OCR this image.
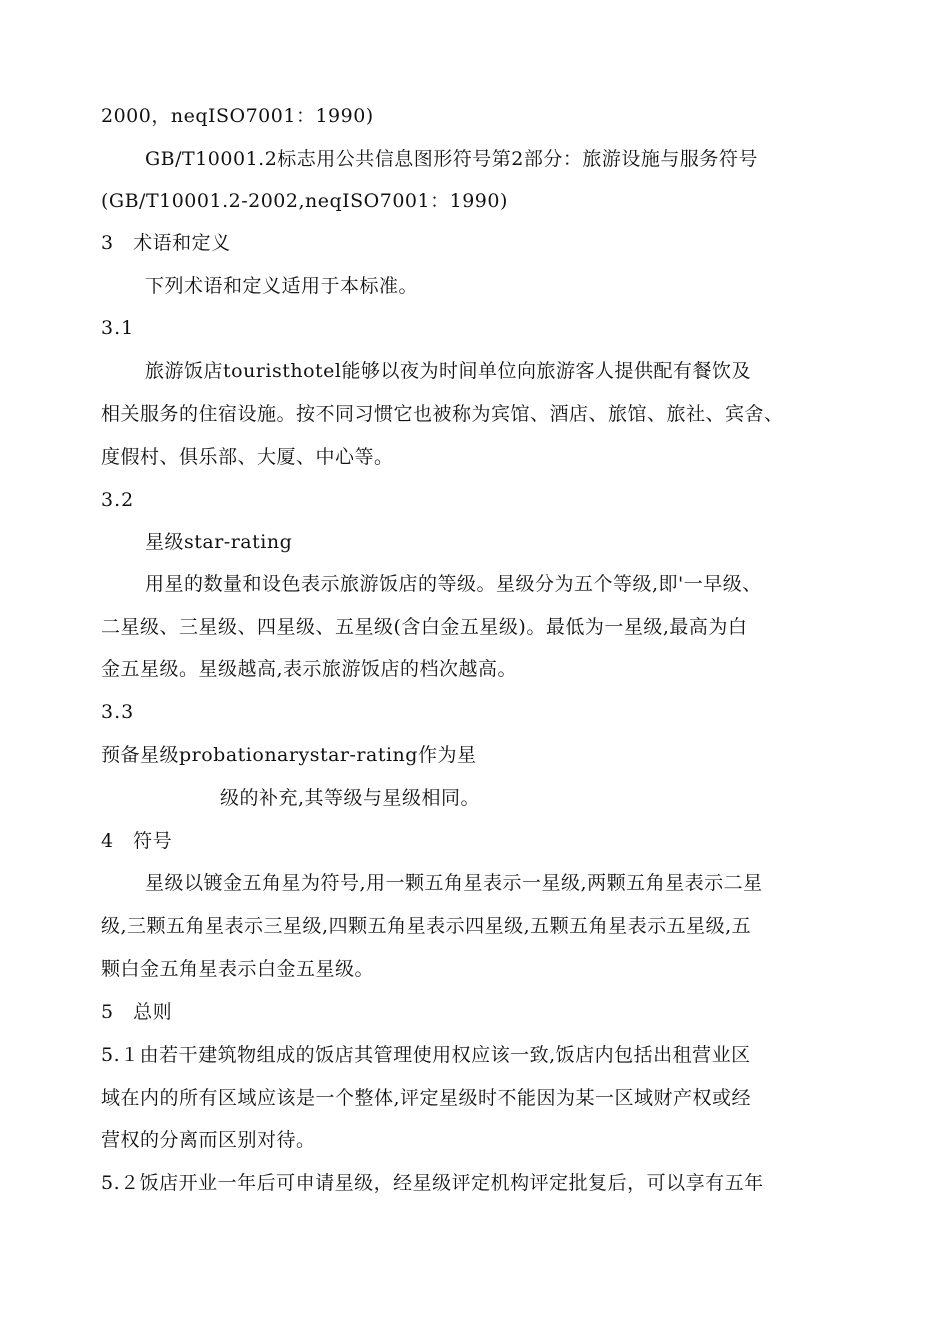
2000，neqISO7001：1990)
GB/T10001.2标志用公共信息图形符号第2部分：旅游设施与服务符号
(GB/T10001.2-2002,neqISO7001：1990)
3　术语和定义
下列术语和定义适用于本标准。
3.1
旅游饭店touristhotel能够以夜为时间单位向旅游客人提供配有餐饮及
相关服务的住宿设施。按不同习惯它也被称为宾馆、酒店、旅馆、旅社、宾舍、
度假村、俱乐部、大厦、中心等。
3.2
星级star-rating
用星的数量和设色表示旅游饭店的等级。星级分为五个等级,即'一早级、
二星级、三星级、四星级、五星级(含白金五星级)。最低为一星级,最高为白
金五星级。星级越高,表示旅游饭店的档次越高。
3.3
预备星级probationarystar-rating作为星
级的补充,其等级与星级相同。
4　符号
星级以镀金五角星为符号,用一颗五角星表示一星级,两颗五角星表示二星
级,三颗五角星表示三星级,四颗五角星表示四星级,五颗五角星表示五星级,五
颗白金五角星表示白金五星级。
5　总则
5.１由若干建筑物组成的饭店其管理使用权应该一致,饭店内包括出租营业区
域在内的所有区域应该是一个整体,评定星级时不能因为某一区域财产权或经
营权的分离而区别对待。
5.２饭店开业一年后可申请星级，经星级评定机构评定批复后，可以享有五年
